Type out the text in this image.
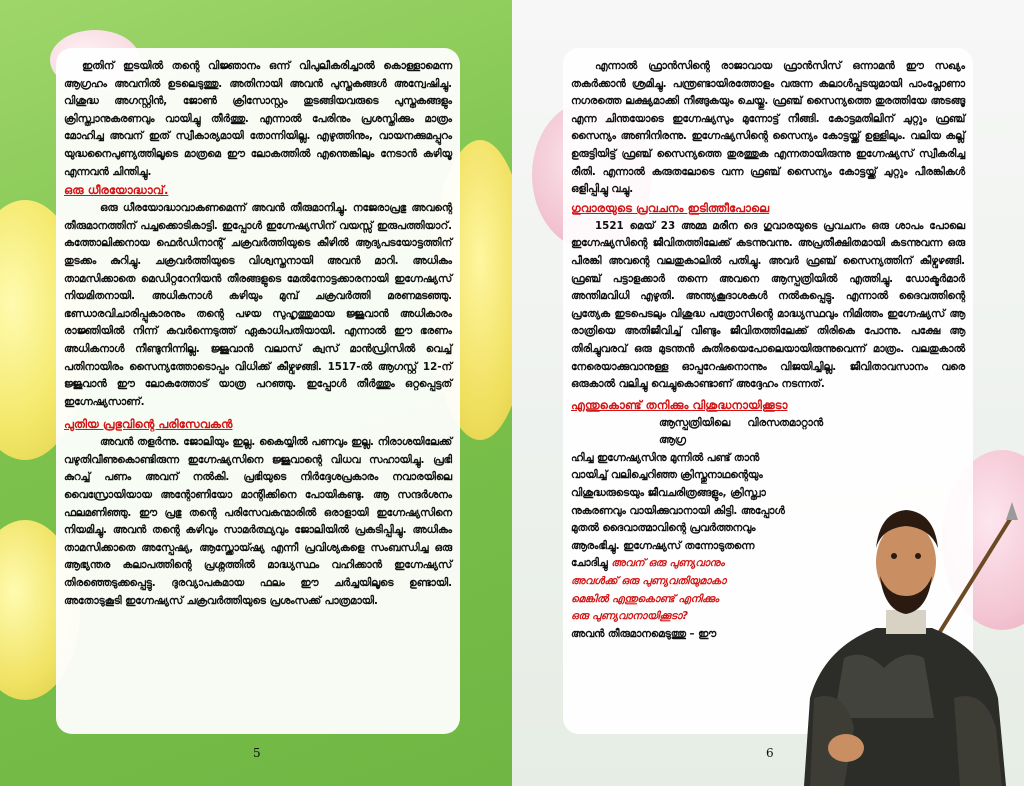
ഇതിന് ഇടയിൽ തന്റെ വിജ്ഞാനം ഒന്ന് വിപുലീകരിച്ചാൽ കൊള്ളാമെന്ന ആഗ്രഹം അവനിൽ ഉടലെടുത്തു. അതിനായി അവൻ പുസ്തകങ്ങൾ അന്വേഷിച്ചു. വിശുദ്ധ അഗസ്റ്റിൻ, ജോൺ ക്രിസോസ്റ്റം തുടങ്ങിയവരുടെ പുസ്തകങ്ങളും ക്രിസ്ത്വാനുകരണവും വായിച്ചു തീർത്തു. എന്നാൽ പേരിനും പ്രശസ്തിക്കും മാത്രം മോഹിച്ച അവന് ഇത് സ്വീകാര്യമായി തോന്നിയില്ല. എഴുത്തിനും, വായനക്കുമപ്പുറം യുദ്ധനൈപുണ്യത്തിലൂടെ മാത്രമെ ഈ ലോകത്തിൽ എന്തെങ്കിലും നേടാൻ കഴിയൂ എന്നവൻ ചിന്തിച്ചു.

ഒരു ധീരയോദ്ധാവ്.

ഒരു ധീരയോദ്ധാവാകണമെന്ന് അവൻ തീരുമാനിച്ചു. നജേരാപ്രഭു അവന്റെ തീരുമാനത്തിന് പച്ചക്കൊടികാട്ടി. ഇപ്പോൾ ഇഗ്നേഷ്യസിന് വയസ്സ് ഇരുപത്തിയാറ്. കത്തോലിക്കനായ ഫെർഡിനാന്റ് ചക്രവർത്തിയുടെ കീഴിൽ ആദ്യപടയോട്ടത്തിന് തുടക്കം കുറിച്ചു. ചക്രവർത്തിയുടെ വിശ്വസ്തനായി അവൻ മാറി. അധികം താമസിക്കാതെ മെഡിറ്ററേനിയൻ തീരങ്ങളുടെ മേൽനോട്ടക്കാരനായി ഇഗ്നേഷ്യസ് നിയമിതനായി. അധികനാൾ കഴിയും മുമ്പ് ചക്രവർത്തി മരണമടഞ്ഞു. ഭണ്ഡാരവിചാരിപ്പുകാരനും തന്റെ പഴയ സുഹൃത്തുമായ ജ്ജുവാൻ അധികാരം രാജ്ഞിയിൽ നിന്ന് കവർന്നെടുത്ത് ഏകാധിപതിയായി. എന്നാൽ ഈ ഭരണം അധികനാൾ നീണ്ടുനിന്നില്ല. ജ്ജുവാൻ വലാസ് ക്വസ് മാൻഡ്രിസിൽ വെച്ച് പതിനായിരം സൈന്യത്തോടൊപ്പം വിധിക്ക് കീഴ്വഴങ്ങി. 1517-ൽ ആഗസ്റ്റ് 12-ന് ജ്ജുവാൻ ഈ ലോകത്തോട് യാത്ര പറഞ്ഞു. ഇപ്പോൾ തീർത്തും ഒറ്റപ്പെട്ടത് ഇഗ്നേഷ്യസാണ്.

പുതിയ പ്രഭുവിന്റെ പരിസേവകൻ

അവൻ തളർന്നു. ജോലിയും ഇല്ല. കൈയ്യിൽ പണവും ഇല്ല. നിരാശയിലേക്ക് വഴുതിവീണുകൊണ്ടിരുന്ന ഇഗ്നേഷ്യസിനെ ജ്ജുവാന്റെ വിധവ സഹായിച്ചു. പ്രഭി കുറച്ച് പണം അവന് നൽകി. പ്രഭിയുടെ നിർദ്ദേശപ്രകാരം നവാരയിലെ വൈസ്രോയിയായ അന്റോണിയോ മാന്റിക്കിനെ പോയികണ്ടു. ആ സന്ദർശനം ഫലമണിഞ്ഞു. ഈ പ്രഭു തന്റെ പരിസേവകന്മാരിൽ ഒരാളായി ഇഗ്നേഷ്യസിനെ നിയമിച്ചു. അവൻ തന്റെ കഴിവും സാമർത്ഥ്യവും ജോലിയിൽ പ്രകടിപ്പിച്ചു. അധികം താമസിക്കാതെ അസ്പേഷ്യ, ആസ്ക്കോയ്ഷ്യ എന്നീ പ്രവിശ്യകളെ സംബന്ധിച്ച ഒരു ആഭ്യന്തര കലാപത്തിന്റെ പ്രശ്നത്തിൽ മാദ്ധ്യസ്ഥം വഹിക്കാൻ ഇഗ്നേഷ്യസ് തിരഞ്ഞെടുക്കപ്പെട്ടു. ദുരവ്യാപകമായ ഫലം ഈ ചർച്ചയിലൂടെ ഉണ്ടായി. അതോടുകൂടി ഇഗ്നേഷ്യസ് ചക്രവർത്തിയുടെ പ്രശംസക്ക് പാത്രമായി.

5

എന്നാൽ ഫ്രാൻസിന്റെ രാജാവായ ഫ്രാൻസിസ് ഒന്നാമൻ ഈ സഖ്യം തകർക്കാൻ ശ്രമിച്ചു. പന്ത്രണ്ടായിരത്തോളം വരുന്ന കലാൾപ്പടയുമായി പാംപ്ലോണാ നഗരത്തെ ലക്ഷ്യമാക്കി നീങ്ങുകയും ചെയ്തു. ഫ്രഞ്ച് സൈന്യത്തെ തുരത്തിയേ അടങ്ങൂ എന്ന ചിന്തയോടെ ഇഗ്നേഷ്യസും മുന്നോട്ട് നീങ്ങി. കോട്ടമതിലിന് ചുറ്റും ഫ്രഞ്ച് സൈന്യം അണിനിരന്നു. ഇഗ്നേഷ്യസിന്റെ സൈന്യം കോട്ടയ്ക്ക് ഉള്ളിലും. വലിയ കല്ല് ഉരുട്ടിയിട്ട് ഫ്രഞ്ച് സൈന്യത്തെ തുരത്തുക എന്നതായിരുന്നു ഇഗ്നേഷ്യസ് സ്വീകരിച്ച രീതി. എന്നാൽ കരുതലോടെ വന്ന ഫ്രഞ്ച് സൈന്യം കോട്ടയ്ക്ക് ചുറ്റും പീരങ്കികൾ ഒളിപ്പിച്ചു വച്ചു.

ഗുവാരയുടെ പ്രവചനം ഇടിത്തീപോലെ

1521 മെയ് 23 അമ്മ മരീന ദെ ഗുവാരയുടെ പ്രവചനം ഒരു ശാപം പോലെ ഇഗ്നേഷ്യസിന്റെ ജീവിതത്തിലേക്ക് കടന്നുവന്നു. അപ്രതീക്ഷിതമായി കടന്നുവന്ന ഒരു പീരങ്കി അവന്റെ വലതുകാലിൽ പതിച്ചു. അവർ ഫ്രഞ്ച് സൈന്യത്തിന് കീഴ്വഴങ്ങി. ഫ്രഞ്ച് പട്ടാളക്കാർ തന്നെ അവനെ ആസ്പത്രിയിൽ എത്തിച്ചു. ഡോക്ടർമാർ അന്തിമവിധി എഴുതി. അന്ത്യകൂദാശകൾ നൽകപ്പെട്ടു. എന്നാൽ ദൈവത്തിന്റെ പ്രത്യേക ഇടപെടലും വിശുദ്ധ പത്രോസിന്റെ മാദ്ധ്യസ്ഥവും നിമിത്തം ഇഗ്നേഷ്യസ് ആ രാത്രിയെ അതിജീവിച്ച് വീണ്ടും ജീവിതത്തിലേക്ക് തിരികെ പോന്നു. പക്ഷേ ആ തിരിച്ചുവരവ് ഒരു മുടന്തൻ കുതിരയെപോലെയായിരുന്നുവെന്ന് മാത്രം. വലതുകാൽ നേരെയാക്കുവാനുള്ള ഓപ്പറേഷനൊന്നും വിജയിച്ചില്ല. ജീവിതാവസാനം വരെ ഒരുകാൽ വലിച്ചു വെച്ചുകൊണ്ടാണ് അദ്ദേഹം നടന്നത്.

എന്തുകൊണ്ട് തനിക്കും വിശുദ്ധനായിക്കൂടാ
ആസ്പത്രിയിലെ വിരസതമാറ്റാൻ ആഗ്ര
ഹിച്ച ഇഗ്നേഷ്യസിനു മുന്നിൽ പണ്ട് താൻ
വായിച്ച് വലിച്ചെറിഞ്ഞ ക്രിസ്തുനാഥന്റെയും
വിശുദ്ധരുടെയും ജീവചരിത്രങ്ങളും, ക്രിസ്ത്വാ
നുകരണവും വായിക്കുവാനായി കിട്ടി. അപ്പോൾ
മുതൽ ദൈവാത്മാവിന്റെ പ്രവർത്തനവും
ആരംഭിച്ചു. ഇഗ്നേഷ്യസ് തന്നോടുതന്നെ
ചോദിച്ചു അവന് ഒരു പുണ്യവാനും
അവൾക്ക് ഒരു പുണ്യവതിയുമാകാ
മെങ്കിൽ എന്തുകൊണ്ട് എനിക്കും
ഒരു പുണ്യവാനായിക്കൂടാ?
അവൻ തീരുമാനമെടുത്തു – ഈ
6
